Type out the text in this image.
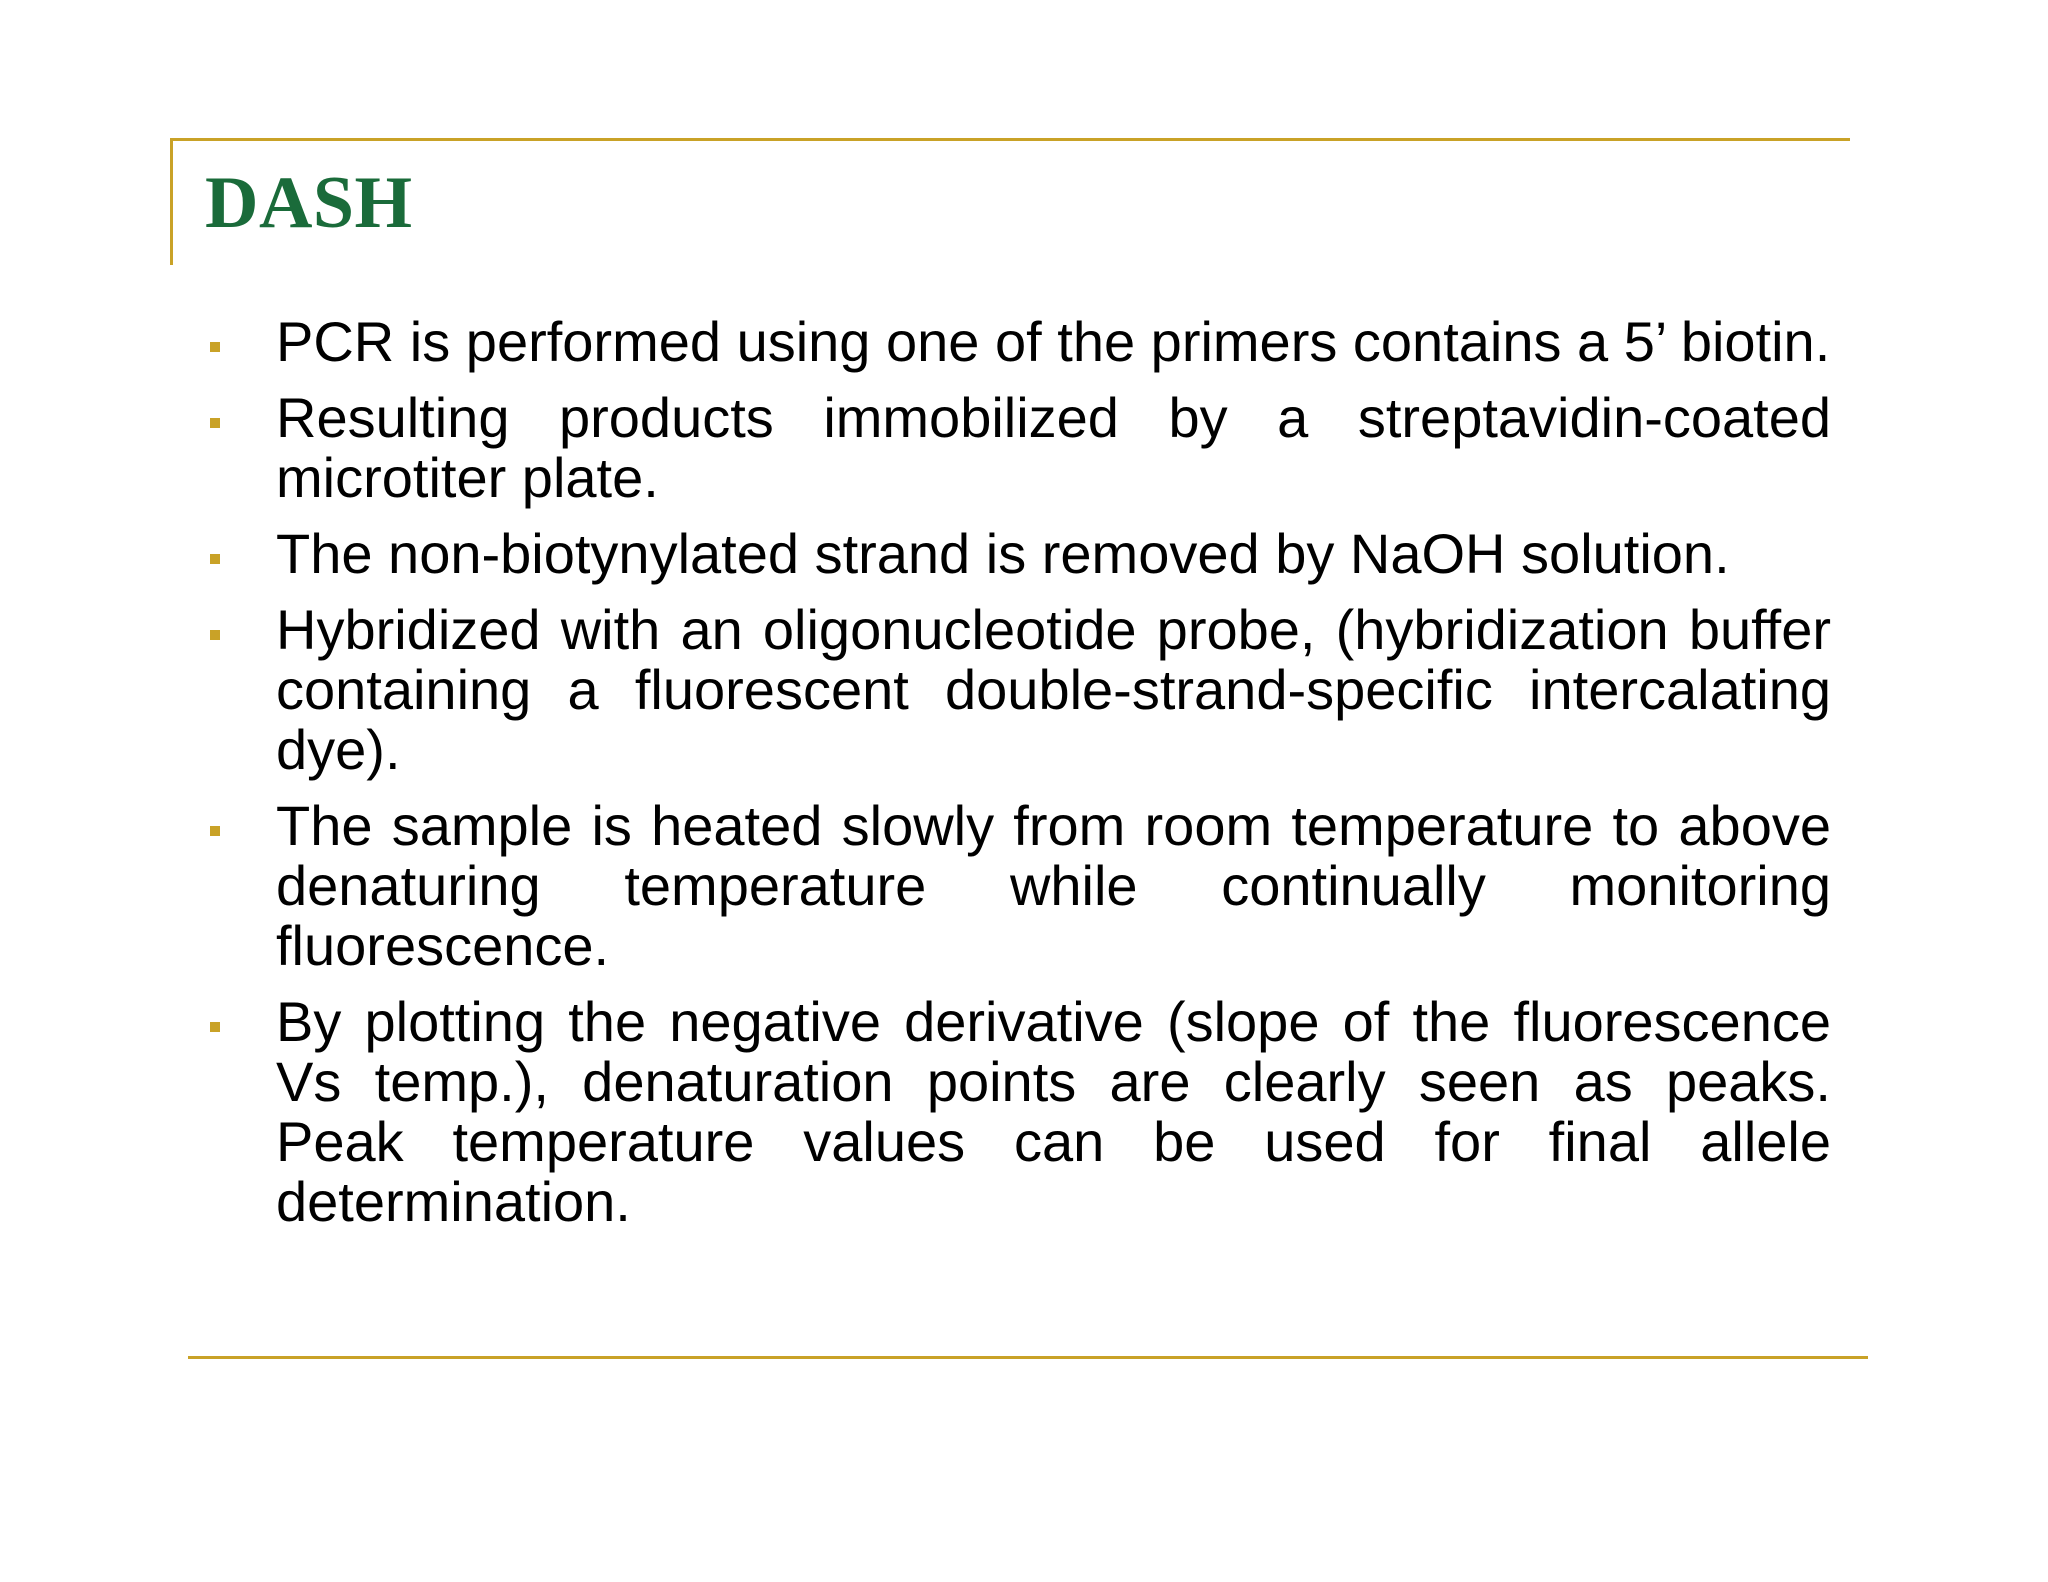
DASH
PCR is performed using one of the primers contains a 5’ biotin.
Resulting products immobilized by a streptavidin-coated microtiter plate.
The non-biotynylated strand is removed by NaOH solution.
Hybridized with an oligonucleotide probe, (hybridization buffer containing a fluorescent double-strand-specific intercalating dye).
The sample is heated slowly from room temperature to above denaturing temperature while continually monitoring fluorescence.
By plotting the negative derivative (slope of the fluorescence Vs temp.), denaturation points are clearly seen as peaks. Peak temperature values can be used for final allele determination.
